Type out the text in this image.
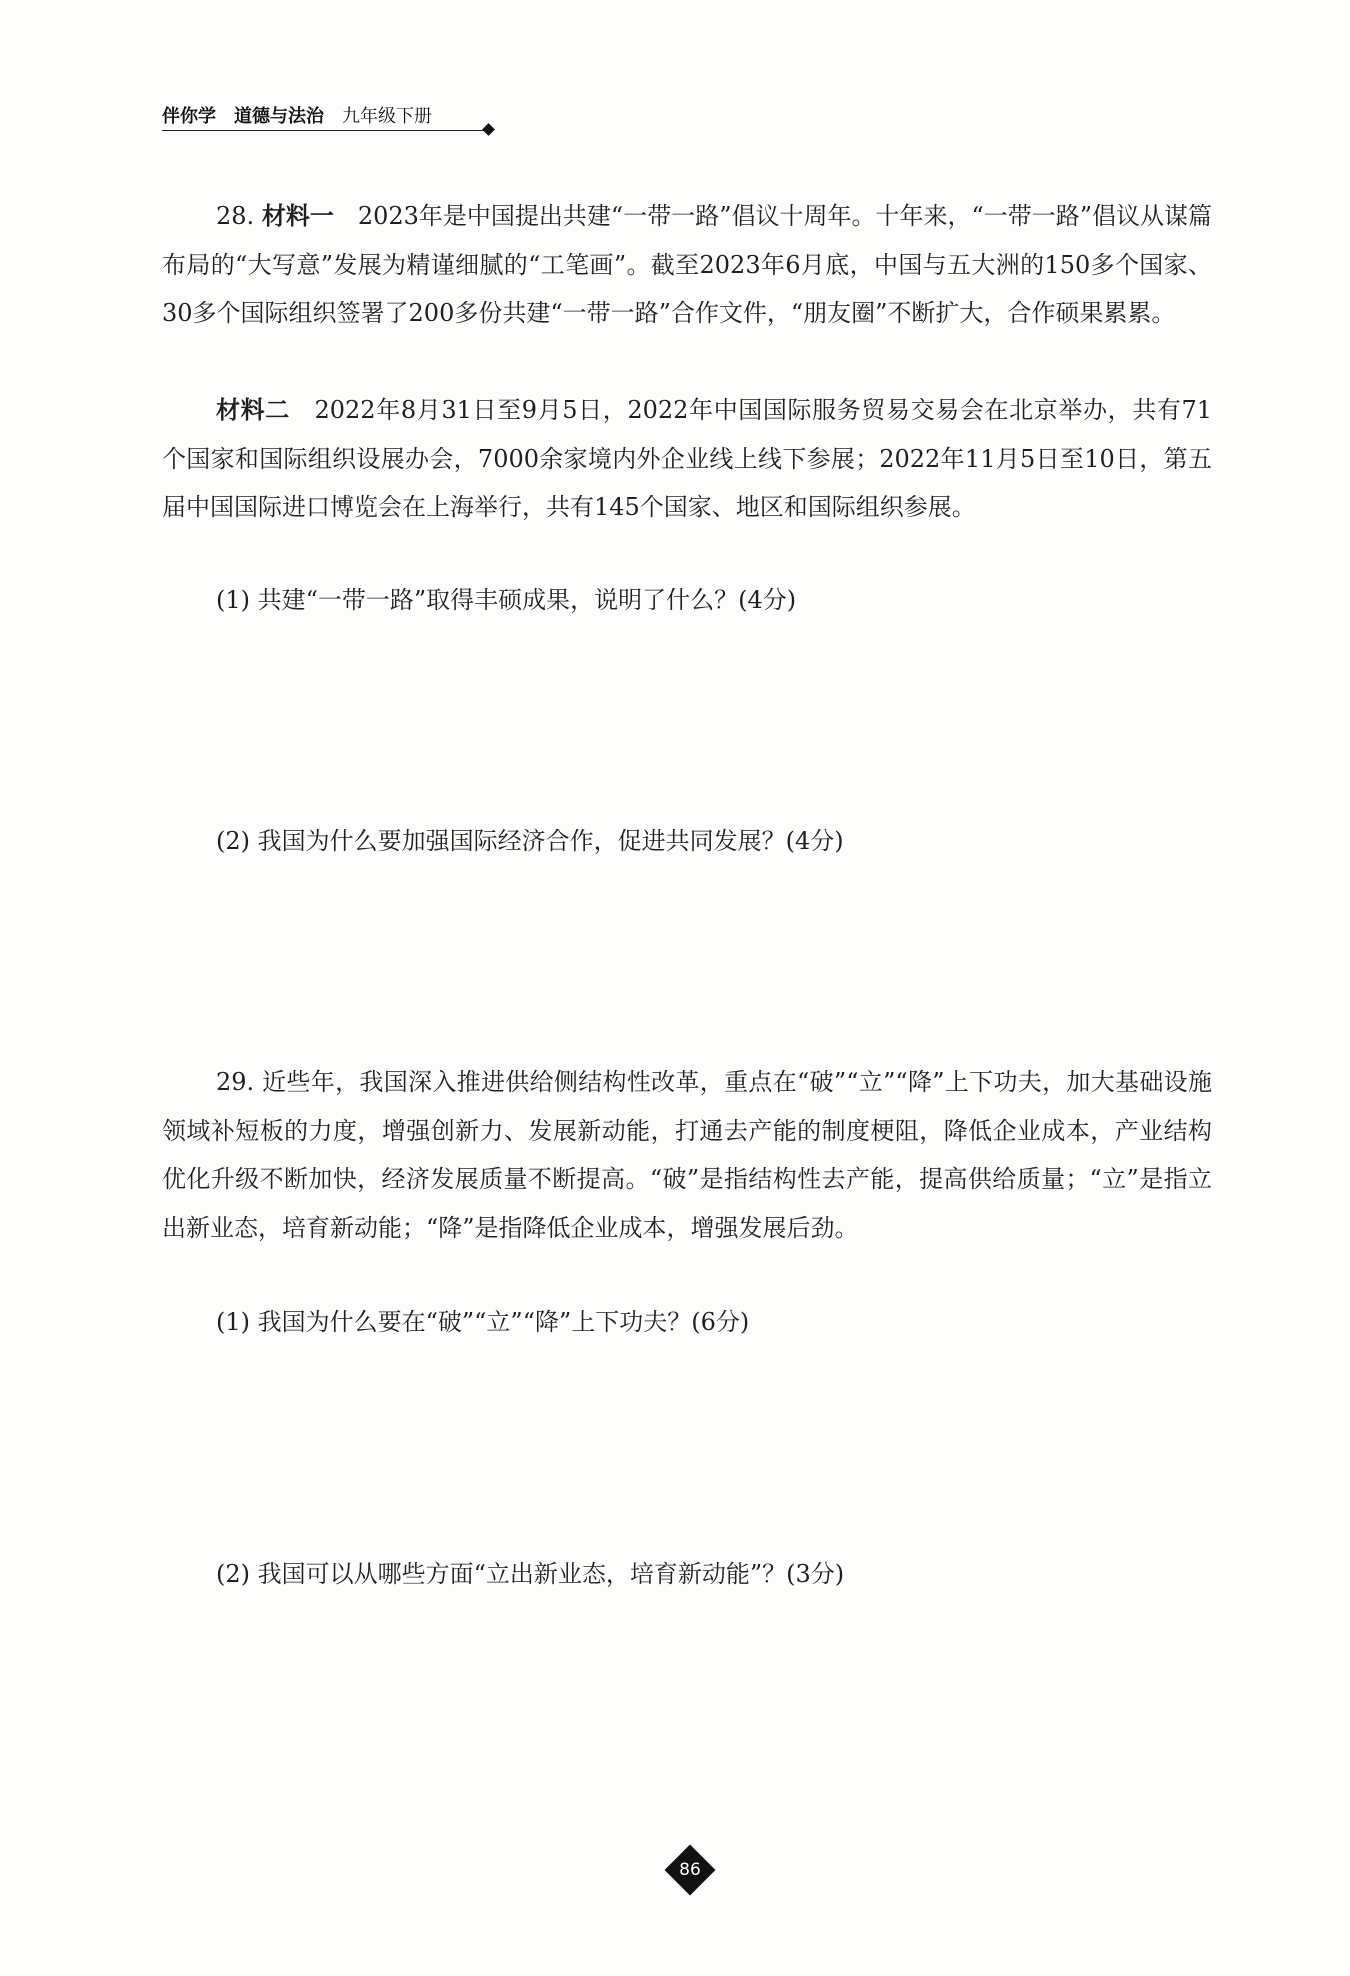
伴你学 道德与法治 九年级下册

28. 材料一　 2023年是中国提出共建“一带一路”倡议十周年。十年来，“一带一路”倡议从谋篇布局的“大写意”发展为精谨细腻的“工笔画”。截至2023年6月底，中国与五大洲的150多个国家、30多个国际组织签署了200多份共建“一带一路”合作文件，“朋友圈”不断扩大，合作硕果累累。

材料二　 2022年8月31日至9月5日，2022年中国国际服务贸易交易会在北京举办，共有71个国家和国际组织设展办会，7000余家境内外企业线上线下参展；2022年11月5日至10日，第五届中国国际进口博览会在上海举行，共有145个国家、地区和国际组织参展。

(1) 共建“一带一路”取得丰硕成果，说明了什么？(4分)

(2) 我国为什么要加强国际经济合作，促进共同发展？(4分)

29. 近些年，我国深入推进供给侧结构性改革，重点在“破”“立”“降”上下功夫，加大基础设施领域补短板的力度，增强创新力、发展新动能，打通去产能的制度梗阻，降低企业成本，产业结构优化升级不断加快，经济发展质量不断提高。“破”是指结构性去产能，提高供给质量；“立”是指立出新业态，培育新动能；“降”是指降低企业成本，增强发展后劲。

(1) 我国为什么要在“破”“立”“降”上下功夫？(6分)

(2) 我国可以从哪些方面“立出新业态，培育新动能”？(3分)

86
